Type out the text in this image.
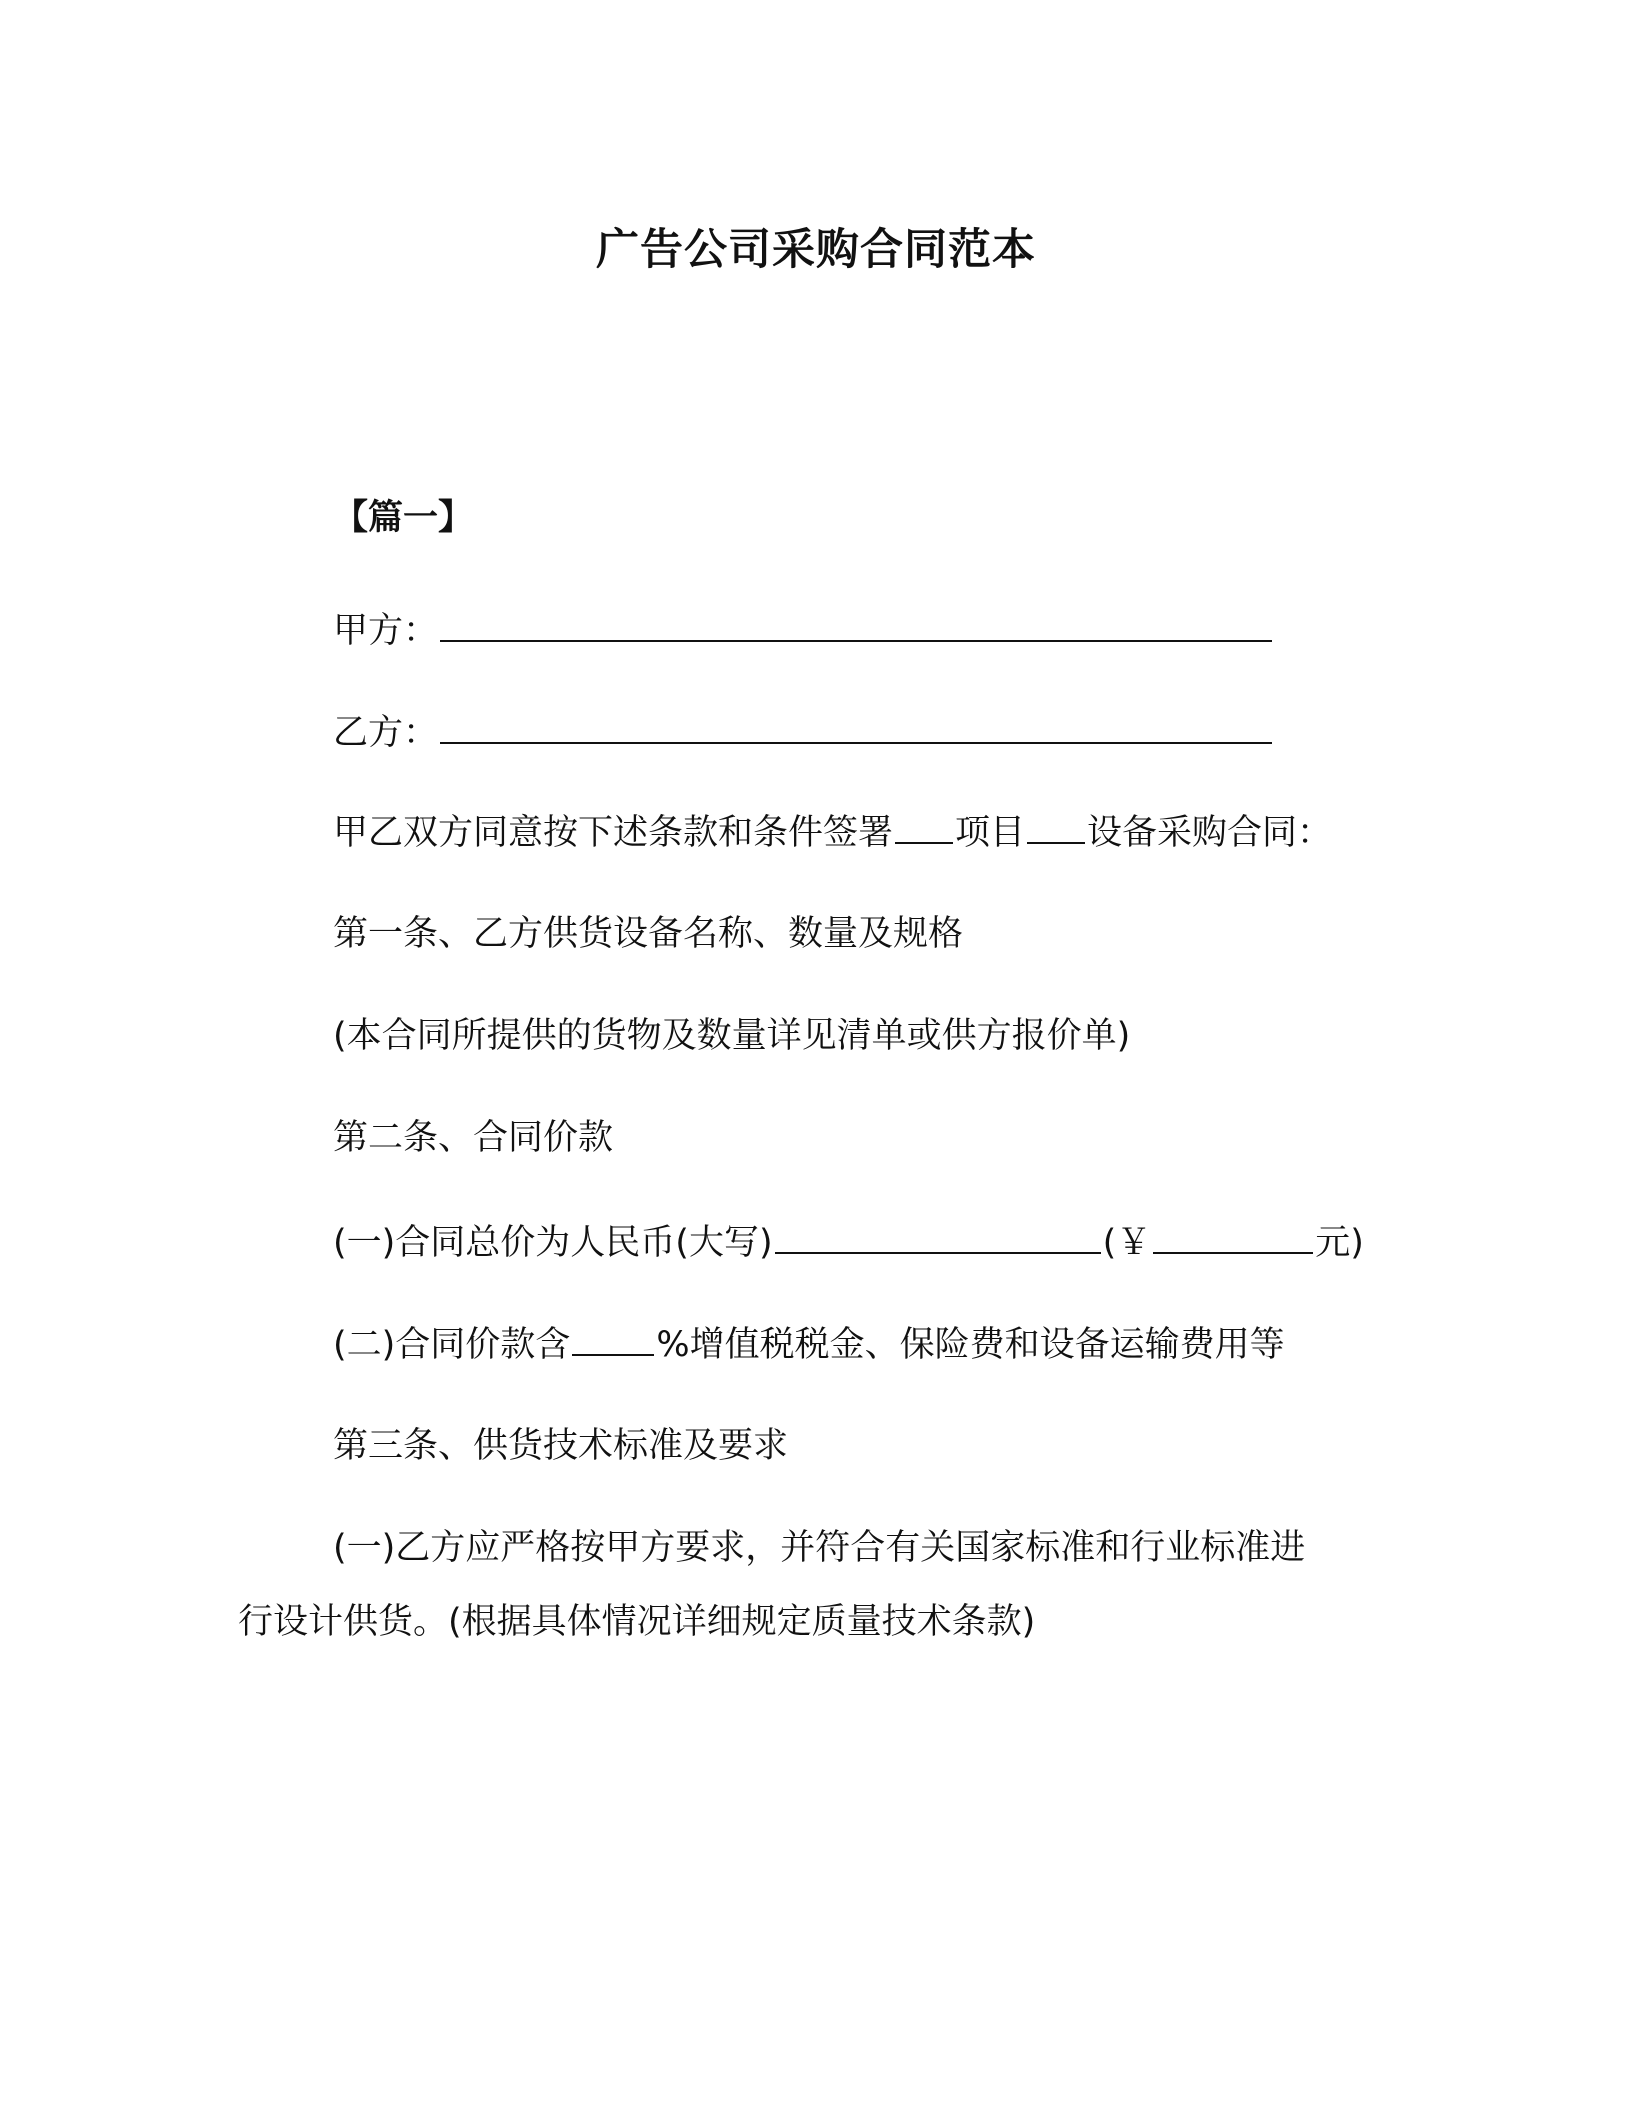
广告公司采购合同范本
【篇一】
甲方：
乙方：
甲乙双方同意按下述条款和条件签署 项目 设备采购合同：
第一条、乙方供货设备名称、数量及规格
(本合同所提供的货物及数量详见清单或供方报价单)
第二条、合同价款
(一)合同总价为人民币(大写)	(￥	元)
(二)合同价款含 %增值税税金、保险费和设备运输费用等
第三条、供货技术标准及要求
(一)乙方应严格按甲方要求，并符合有关国家标准和行业标准进
行设计供货。(根据具体情况详细规定质量技术条款)
